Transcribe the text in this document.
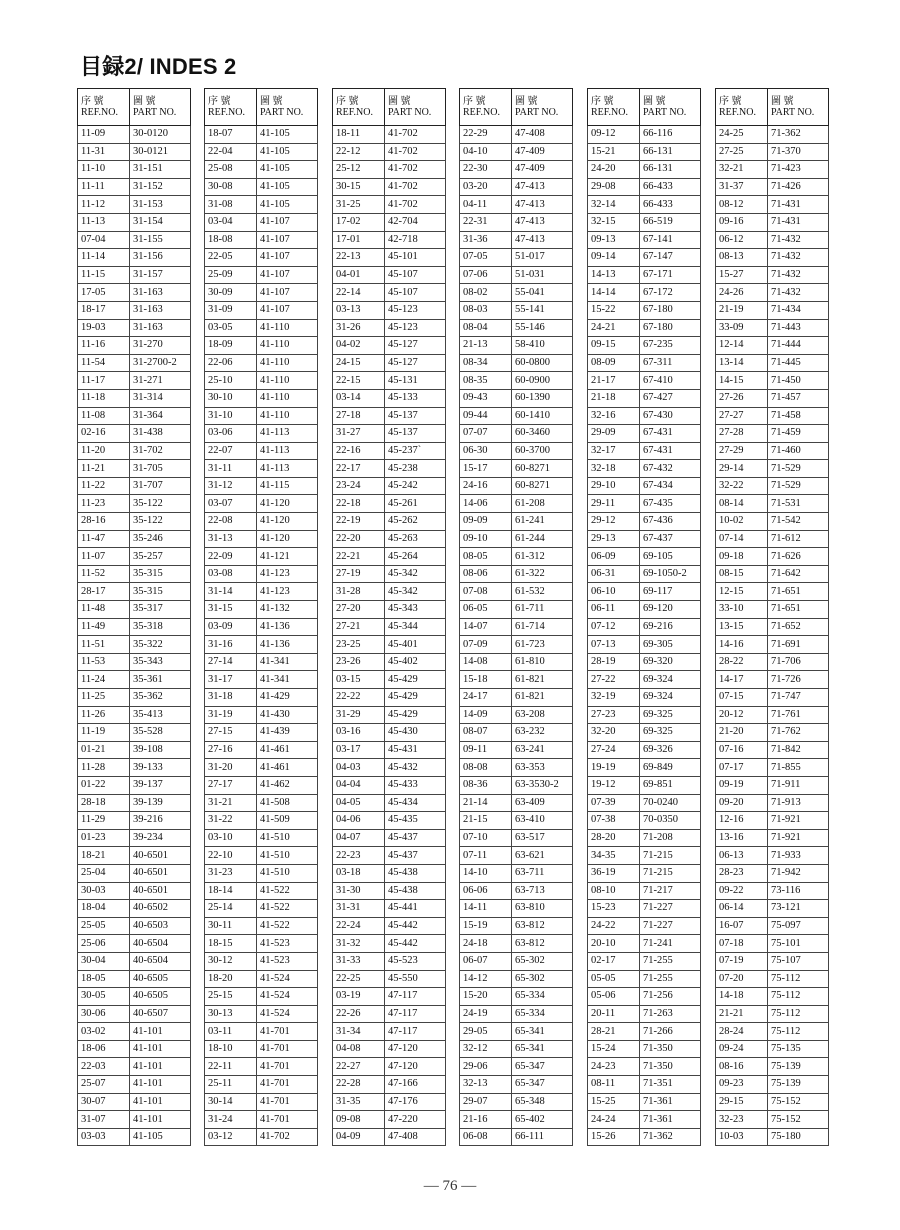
目録2/ INDES 2
序 號
REF.NO.	圖 號
PART NO.

11-09	30-0120
11-31	30-0121
11-10	31-151
11-11	31-152
11-12	31-153
11-13	31-154
07-04	31-155
11-14	31-156
11-15	31-157
17-05	31-163
18-17	31-163
19-03	31-163
11-16	31-270
11-54	31-2700-2
11-17	31-271
11-18	31-314
11-08	31-364
02-16	31-438
11-20	31-702
11-21	31-705
11-22	31-707
11-23	35-122
28-16	35-122
11-47	35-246
11-07	35-257
11-52	35-315
28-17	35-315
11-48	35-317
11-49	35-318
11-51	35-322
11-53	35-343
11-24	35-361
11-25	35-362
11-26	35-413
11-19	35-528
01-21	39-108
11-28	39-133
01-22	39-137
28-18	39-139
11-29	39-216
01-23	39-234
18-21	40-6501
25-04	40-6501
30-03	40-6501
18-04	40-6502
25-05	40-6503
25-06	40-6504
30-04	40-6504
18-05	40-6505
30-05	40-6505
30-06	40-6507
03-02	41-101
18-06	41-101
22-03	41-101
25-07	41-101
30-07	41-101
31-07	41-101
03-03	41-105
序 號
REF.NO.	圖 號
PART NO.

18-07	41-105
22-04	41-105
25-08	41-105
30-08	41-105
31-08	41-105
03-04	41-107
18-08	41-107
22-05	41-107
25-09	41-107
30-09	41-107
31-09	41-107
03-05	41-110
18-09	41-110
22-06	41-110
25-10	41-110
30-10	41-110
31-10	41-110
03-06	41-113
22-07	41-113
31-11	41-113
31-12	41-115
03-07	41-120
22-08	41-120
31-13	41-120
22-09	41-121
03-08	41-123
31-14	41-123
31-15	41-132
03-09	41-136
31-16	41-136
27-14	41-341
31-17	41-341
31-18	41-429
31-19	41-430
27-15	41-439
27-16	41-461
31-20	41-461
27-17	41-462
31-21	41-508
31-22	41-509
03-10	41-510
22-10	41-510
31-23	41-510
18-14	41-522
25-14	41-522
30-11	41-522
18-15	41-523
30-12	41-523
18-20	41-524
25-15	41-524
30-13	41-524
03-11	41-701
18-10	41-701
22-11	41-701
25-11	41-701
30-14	41-701
31-24	41-701
03-12	41-702
序 號
REF.NO.	圖 號
PART NO.

18-11	41-702
22-12	41-702
25-12	41-702
30-15	41-702
31-25	41-702
17-02	42-704
17-01	42-718
22-13	45-101
04-01	45-107
22-14	45-107
03-13	45-123
31-26	45-123
04-02	45-127
24-15	45-127
22-15	45-131
03-14	45-133
27-18	45-137
31-27	45-137
22-16	45-237`
22-17	45-238
23-24	45-242
22-18	45-261
22-19	45-262
22-20	45-263
22-21	45-264
27-19	45-342
31-28	45-342
27-20	45-343
27-21	45-344
23-25	45-401
23-26	45-402
03-15	45-429
22-22	45-429
31-29	45-429
03-16	45-430
03-17	45-431
04-03	45-432
04-04	45-433
04-05	45-434
04-06	45-435
04-07	45-437
22-23	45-437
03-18	45-438
31-30	45-438
31-31	45-441
22-24	45-442
31-32	45-442
31-33	45-523
22-25	45-550
03-19	47-117
22-26	47-117
31-34	47-117
04-08	47-120
22-27	47-120
22-28	47-166
31-35	47-176
09-08	47-220
04-09	47-408
序 號
REF.NO.	圖 號
PART NO.

22-29	47-408
04-10	47-409
22-30	47-409
03-20	47-413
04-11	47-413
22-31	47-413
31-36	47-413
07-05	51-017
07-06	51-031
08-02	55-041
08-03	55-141
08-04	55-146
21-13	58-410
08-34	60-0800
08-35	60-0900
09-43	60-1390
09-44	60-1410
07-07	60-3460
06-30	60-3700
15-17	60-8271
24-16	60-8271
14-06	61-208
09-09	61-241
09-10	61-244
08-05	61-312
08-06	61-322
07-08	61-532
06-05	61-711
14-07	61-714
07-09	61-723
14-08	61-810
15-18	61-821
24-17	61-821
14-09	63-208
08-07	63-232
09-11	63-241
08-08	63-353
08-36	63-3530-2
21-14	63-409
21-15	63-410
07-10	63-517
07-11	63-621
14-10	63-711
06-06	63-713
14-11	63-810
15-19	63-812
24-18	63-812
06-07	65-302
14-12	65-302
15-20	65-334
24-19	65-334
29-05	65-341
32-12	65-341
29-06	65-347
32-13	65-347
29-07	65-348
21-16	65-402
06-08	66-111
序 號
REF.NO.	圖 號
PART NO.

09-12	66-116
15-21	66-131
24-20	66-131
29-08	66-433
32-14	66-433
32-15	66-519
09-13	67-141
09-14	67-147
14-13	67-171
14-14	67-172
15-22	67-180
24-21	67-180
09-15	67-235
08-09	67-311
21-17	67-410
21-18	67-427
32-16	67-430
29-09	67-431
32-17	67-431
32-18	67-432
29-10	67-434
29-11	67-435
29-12	67-436
29-13	67-437
06-09	69-105
06-31	69-1050-2
06-10	69-117
06-11	69-120
07-12	69-216
07-13	69-305
28-19	69-320
27-22	69-324
32-19	69-324
27-23	69-325
32-20	69-325
27-24	69-326
19-19	69-849
19-12	69-851
07-39	70-0240
07-38	70-0350
28-20	71-208
34-35	71-215
36-19	71-215
08-10	71-217
15-23	71-227
24-22	71-227
20-10	71-241
02-17	71-255
05-05	71-255
05-06	71-256
20-11	71-263
28-21	71-266
15-24	71-350
24-23	71-350
08-11	71-351
15-25	71-361
24-24	71-361
15-26	71-362
序 號
REF.NO.	圖 號
PART NO.

24-25	71-362
27-25	71-370
32-21	71-423
31-37	71-426
08-12	71-431
09-16	71-431
06-12	71-432
08-13	71-432
15-27	71-432
24-26	71-432
21-19	71-434
33-09	71-443
12-14	71-444
13-14	71-445
14-15	71-450
27-26	71-457
27-27	71-458
27-28	71-459
27-29	71-460
29-14	71-529
32-22	71-529
08-14	71-531
10-02	71-542
07-14	71-612
09-18	71-626
08-15	71-642
12-15	71-651
33-10	71-651
13-15	71-652
14-16	71-691
28-22	71-706
14-17	71-726
07-15	71-747
20-12	71-761
21-20	71-762
07-16	71-842
07-17	71-855
09-19	71-911
09-20	71-913
12-16	71-921
13-16	71-921
06-13	71-933
28-23	71-942
09-22	73-116
06-14	73-121
16-07	75-097
07-18	75-101
07-19	75-107
07-20	75-112
14-18	75-112
21-21	75-112
28-24	75-112
09-24	75-135
08-16	75-139
09-23	75-139
29-15	75-152
32-23	75-152
10-03	75-180
— 76 —
